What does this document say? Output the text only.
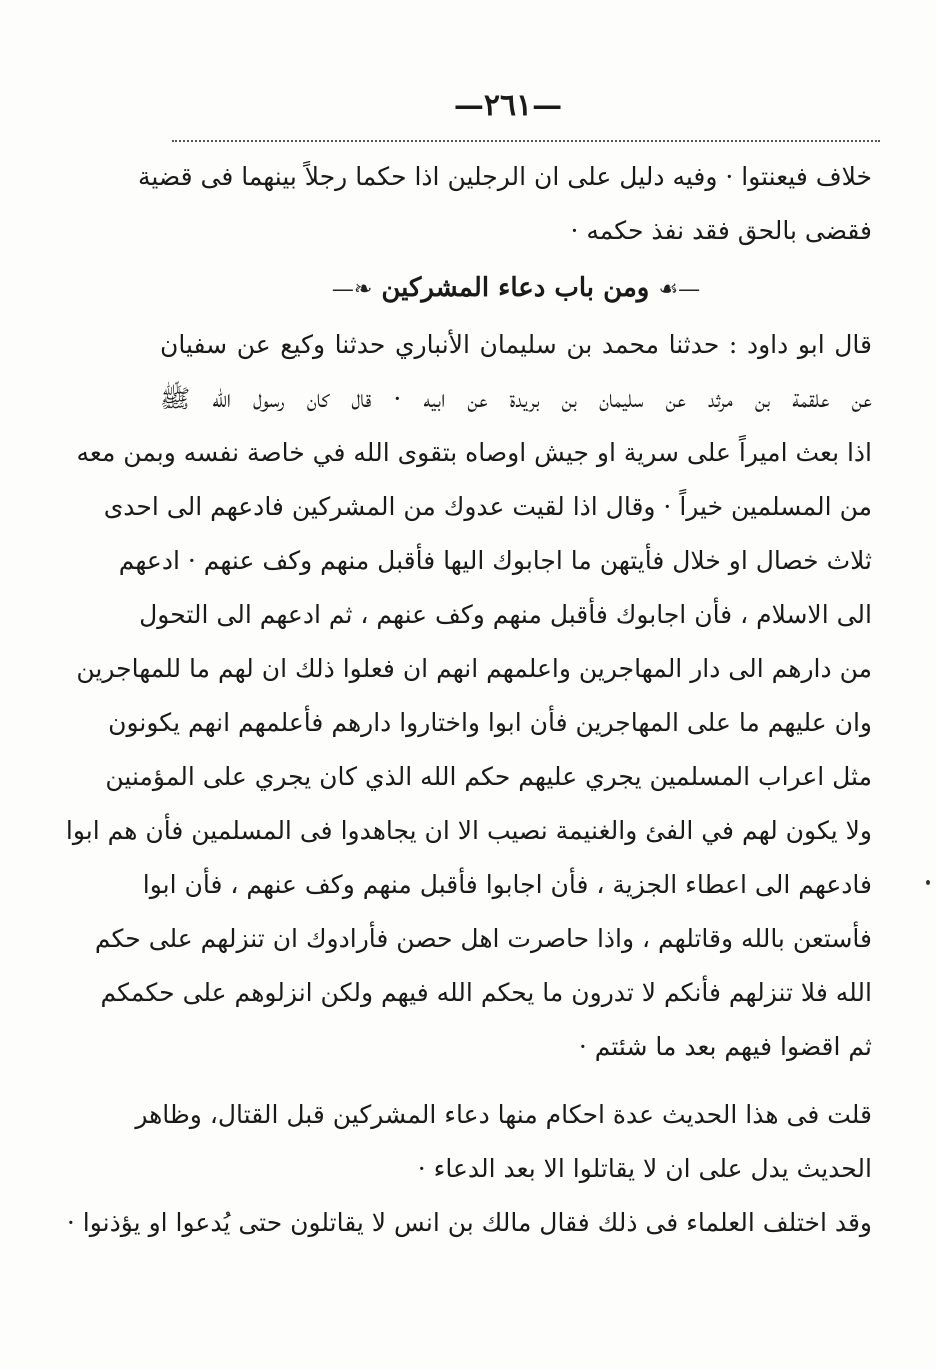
—٢٦١—
خلاف فيعنتوا · وفيه دليل على ان الرجلين اذا حكما رجلاً بينهما فى قضية
فقضى بالحق فقد نفذ حكمه ·
—☙ ومن باب دعاء المشركين ❧—
قال ابو داود : حدثنا محمد بن سليمان الأنباري حدثنا وكيع عن سفيان
عن علقمة بن مرثد عن سليمان بن بريدة عن ابيه · قال كان رسول الله ﷺ
اذا بعث اميراً على سرية او جيش اوصاه بتقوى الله في خاصة نفسه وبمن معه
من المسلمين خيراً · وقال اذا لقيت عدوك من المشركين فادعهم الى احدى
ثلاث خصال او خلال فأيتهن ما اجابوك اليها فأقبل منهم وكف عنهم · ادعهم
الى الاسلام ، فأن اجابوك فأقبل منهم وكف عنهم ، ثم ادعهم الى التحول
من دارهم الى دار المهاجرين واعلمهم انهم ان فعلوا ذلك ان لهم ما للمهاجرين
وان عليهم ما على المهاجرين فأن ابوا واختاروا دارهم فأعلمهم انهم يكونون
مثل اعراب المسلمين يجري عليهم حكم الله الذي كان يجري على المؤمنين
ولا يكون لهم في الفئ والغنيمة نصيب الا ان يجاهدوا فى المسلمين فأن هم ابوا
فادعهم الى اعطاء الجزية ، فأن اجابوا فأقبل منهم وكف عنهم ، فأن ابوا
فأستعن بالله وقاتلهم ، واذا حاصرت اهل حصن فأرادوك ان تنزلهم على حكم
الله فلا تنزلهم فأنكم لا تدرون ما يحكم الله فيهم ولكن انزلوهم على حكمكم
ثم اقضوا فيهم بعد ما شئتم ·
قلت فى هذا الحديث عدة احكام منها دعاء المشركين قبل القتال، وظاهر
الحديث يدل على ان لا يقاتلوا الا بعد الدعاء ·
وقد اختلف العلماء فى ذلك فقال مالك بن انس لا يقاتلون حتى يُدعوا او يؤذنوا ·
